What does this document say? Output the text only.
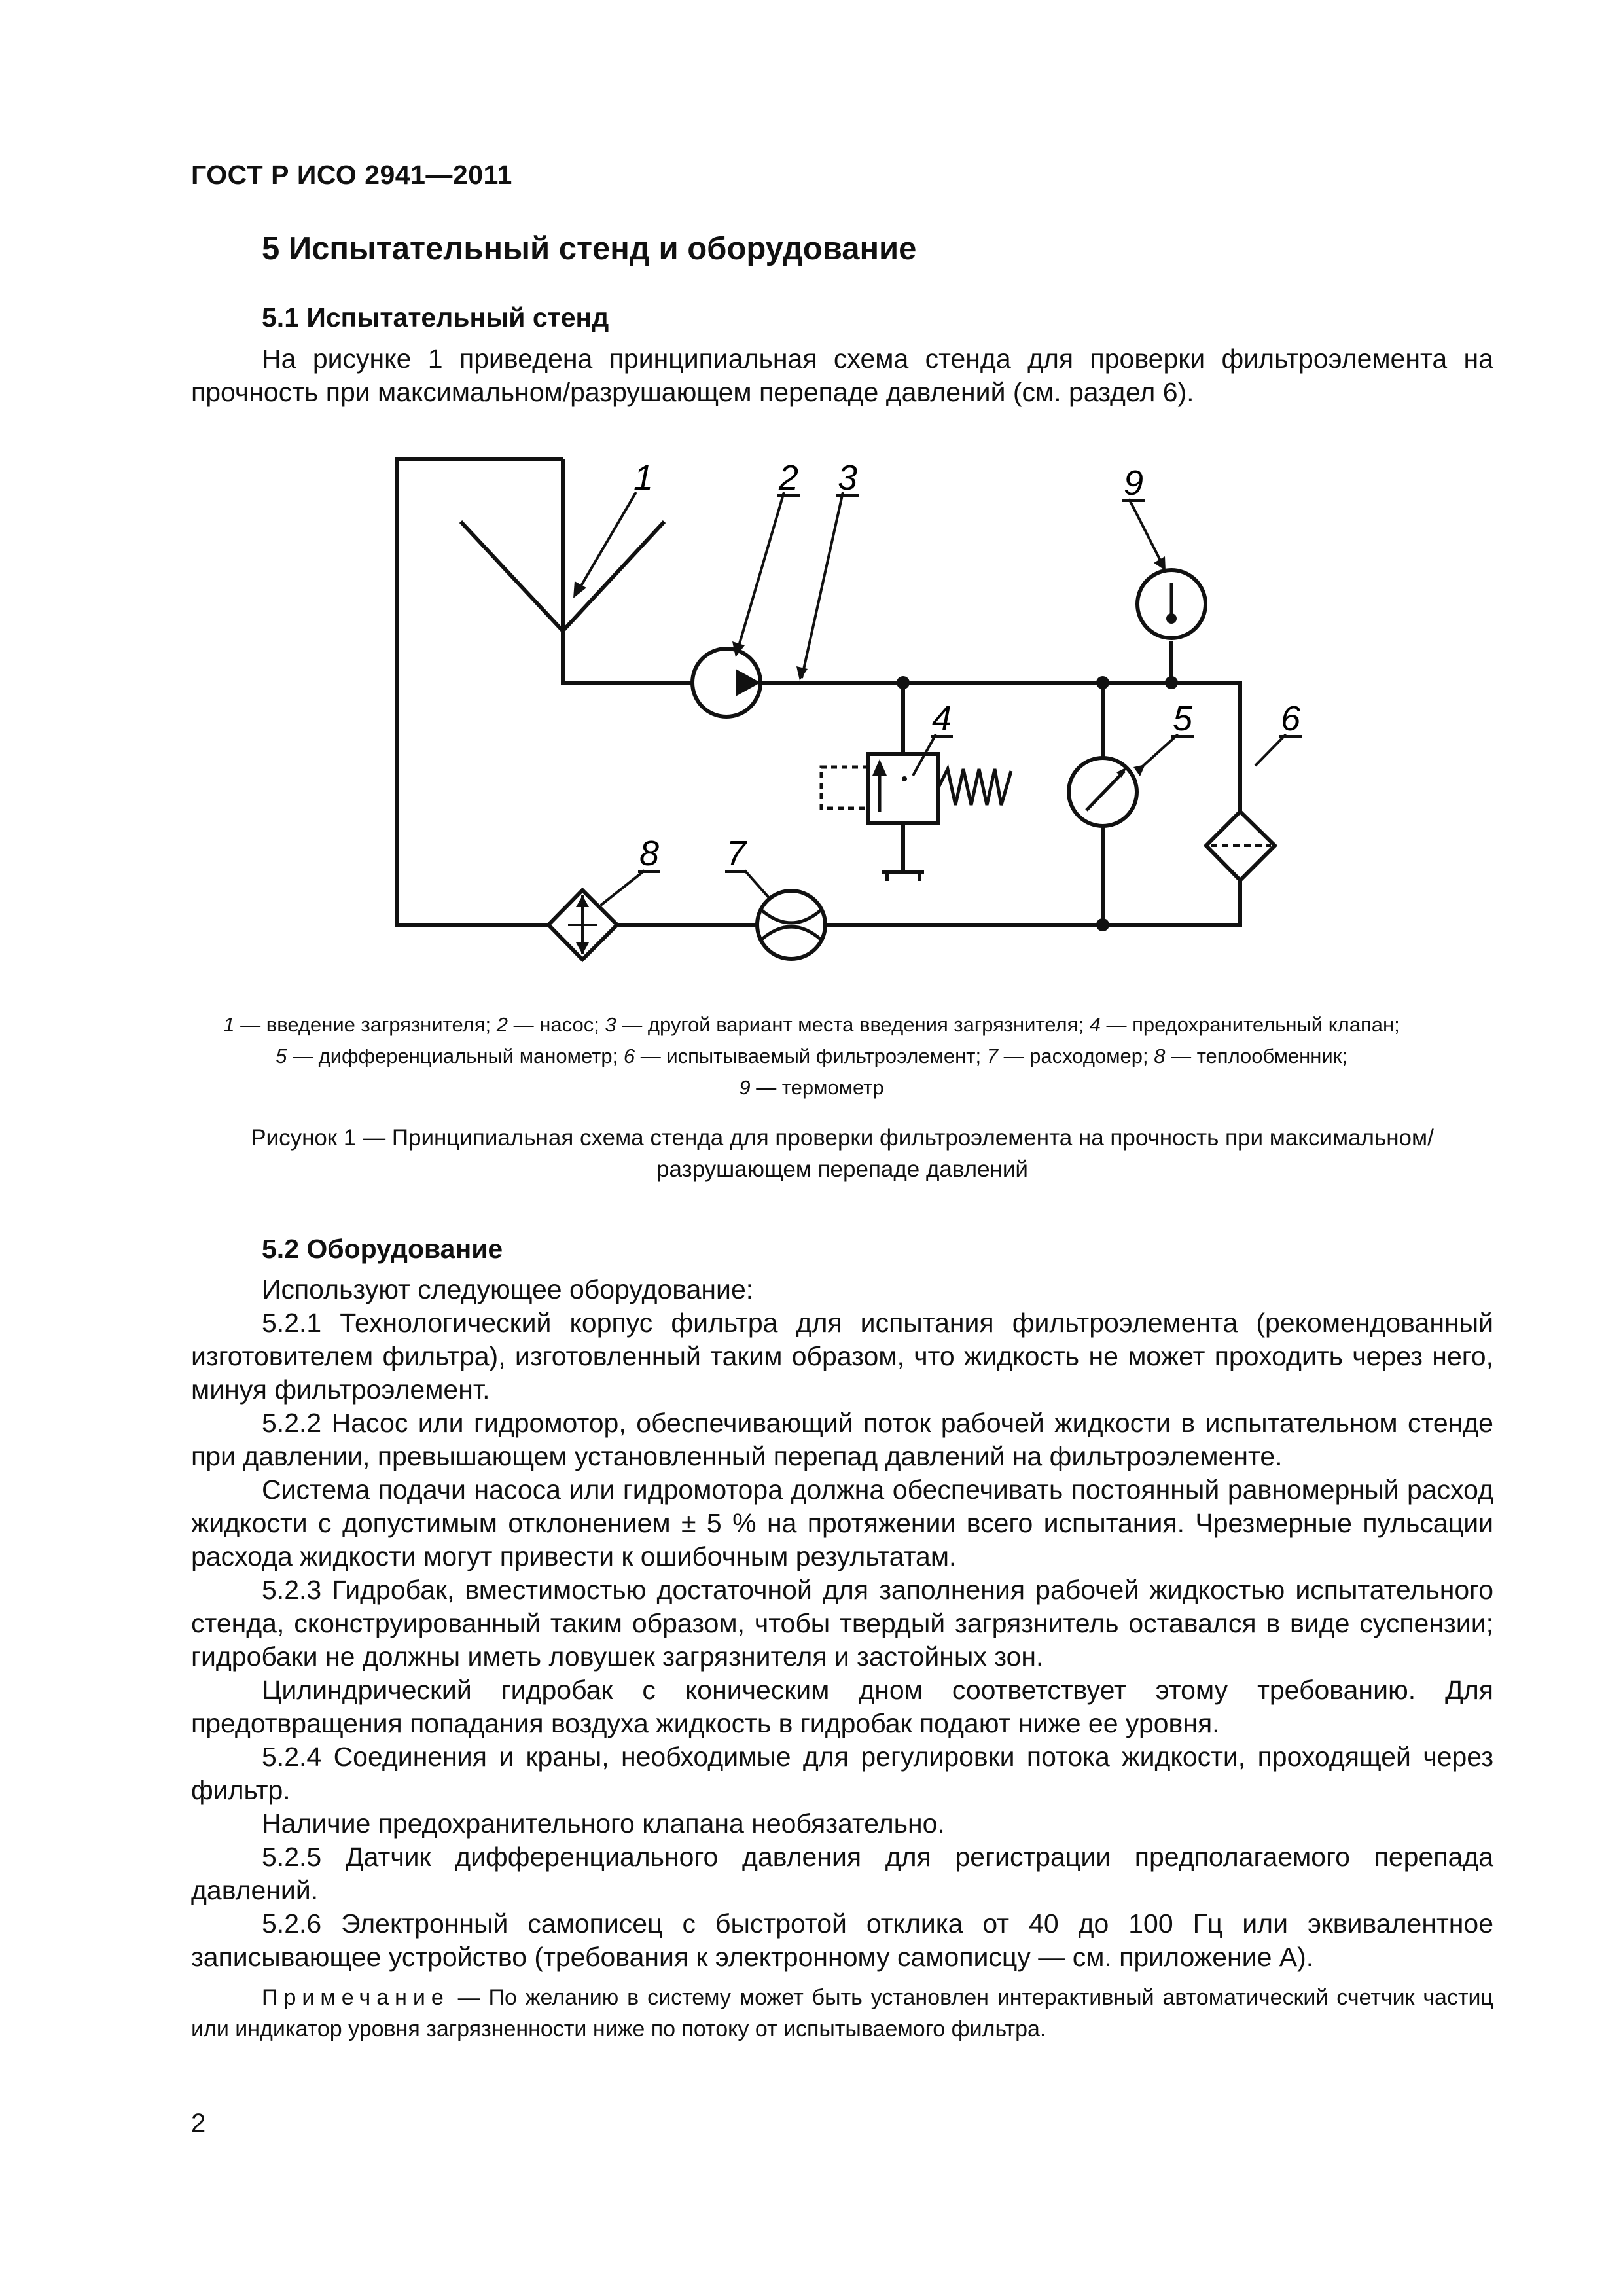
ГОСТ Р ИСО 2941—2011
5 Испытательный стенд и оборудование
5.1 Испытательный стенд

На рисунке 1 приведена принципиальная схема стенда для проверки фильтроэлемента на прочность при максимальном/разрушающем перепаде давлений (см. раздел 6).

1	2 3
4	5 6
7
8
9
1 — введение загрязнителя; 2 — насос; 3 — другой вариант места введения загрязнителя; 4 — предохранительный клапан;
5 — дифференциальный манометр; 6 — испытываемый фильтроэлемент; 7 — расходомер; 8 — теплообменник;
9 — термометр
Рисунок 1 — Принципиальная схема стенда для проверки фильтроэлемента на прочность при максимальном/разрушающем перепаде давлений
5.2 Оборудование

Используют следующее оборудование:

5.2.1 Технологический корпус фильтра для испытания фильтроэлемента (рекомендованный изготовителем фильтра), изготовленный таким образом, что жидкость не может проходить через него, минуя фильтроэлемент.

5.2.2 Насос или гидромотор, обеспечивающий поток рабочей жидкости в испытательном стенде при давлении, превышающем установленный перепад давлений на фильтроэлементе.

Система подачи насоса или гидромотора должна обеспечивать постоянный равномерный расход жидкости с допустимым отклонением ± 5 % на протяжении всего испытания. Чрезмерные пульсации расхода жидкости могут привести к ошибочным результатам.

5.2.3 Гидробак, вместимостью достаточной для заполнения рабочей жидкостью испытательного стенда, сконструированный таким образом, чтобы твердый загрязнитель оставался в виде суспензии; гидробаки не должны иметь ловушек загрязнителя и застойных зон.

Цилиндрический гидробак с коническим дном соответствует этому требованию. Для предотвращения попадания воздуха жидкость в гидробак подают ниже ее уровня.

5.2.4 Соединения и краны, необходимые для регулировки потока жидкости, проходящей через фильтр.

Наличие предохранительного клапана необязательно.

5.2.5 Датчик дифференциального давления для регистрации предполагаемого перепада давлений.

5.2.6 Электронный самописец с быстротой отклика от 40 до 100 Гц или эквивалентное записывающее устройство (требования к электронному самописцу — см. приложение А).

Примечание — По желанию в систему может быть установлен интерактивный автоматический счетчик частиц или индикатор уровня загрязненности ниже по потоку от испытываемого фильтра.

2
